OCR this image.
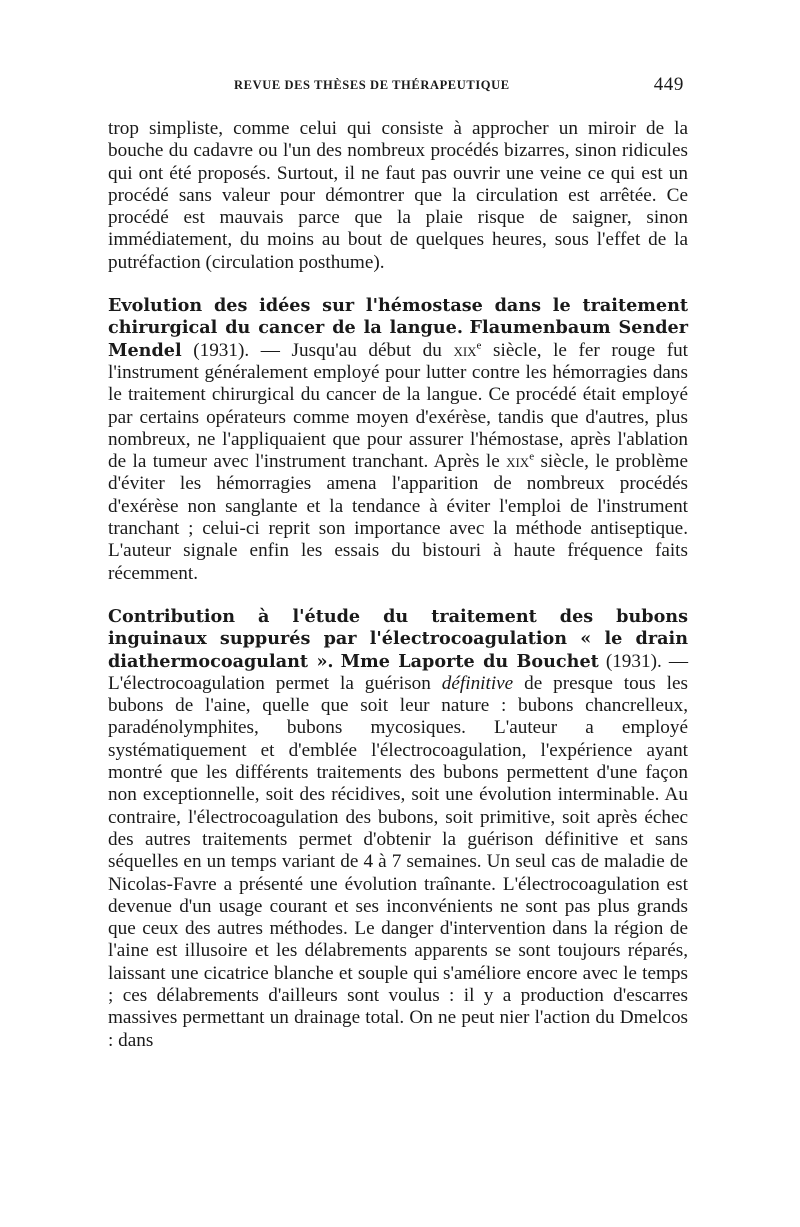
REVUE DES THÈSES DE THÉRAPEUTIQUE	449

trop simpliste, comme celui qui consiste à approcher un miroir de la bouche du cadavre ou l'un des nombreux procédés bizarres, sinon ridicules qui ont été proposés. Surtout, il ne faut pas ouvrir une veine ce qui est un procédé sans valeur pour démontrer que la circulation est arrêtée. Ce procédé est mauvais parce que la plaie risque de saigner, sinon immédiatement, du moins au bout de quelques heures, sous l'effet de la putréfaction (circulation posthume).

Evolution des idées sur l'hémostase dans le traitement chirurgical du cancer de la langue. Flaumenbaum Sender Mendel (1931). — Jusqu'au début du xix$^e$ siècle, le fer rouge fut l'instrument généralement employé pour lutter contre les hémorragies dans le traitement chirurgical du cancer de la langue. Ce procédé était employé par certains opérateurs comme moyen d'exérèse, tandis que d'autres, plus nombreux, ne l'appliquaient que pour assurer l'hémostase, après l'ablation de la tumeur avec l'instrument tranchant. Après le xix$^e$ siècle, le problème d'éviter les hémorragies amena l'apparition de nombreux procédés d'exérèse non sanglante et la tendance à éviter l'emploi de l'instrument tranchant ; celui-ci reprit son importance avec la méthode antiseptique. L'auteur signale enfin les essais du bistouri à haute fréquence faits récemment.

Contribution à l'étude du traitement des bubons inguinaux suppurés par l'électrocoagulation « le drain diathermocoagulant ». Mme Laporte du Bouchet (1931). — L'électrocoagulation permet la guérison définitive de presque tous les bubons de l'aine, quelle que soit leur nature : bubons chancrelleux, paradénolymphites, bubons mycosiques. L'auteur a employé systématiquement et d'emblée l'électrocoagulation, l'expérience ayant montré que les différents traitements des bubons permettent d'une façon non exceptionnelle, soit des récidives, soit une évolution interminable. Au contraire, l'électrocoagulation des bubons, soit primitive, soit après échec des autres traitements permet d'obtenir la guérison définitive et sans séquelles en un temps variant de 4 à 7 semaines. Un seul cas de maladie de Nicolas-Favre a présenté une évolution traînante. L'électrocoagulation est devenue d'un usage courant et ses inconvénients ne sont pas plus grands que ceux des autres méthodes. Le danger d'intervention dans la région de l'aine est illusoire et les délabrements apparents se sont toujours réparés, laissant une cicatrice blanche et souple qui s'améliore encore avec le temps ; ces délabrements d'ailleurs sont voulus : il y a production d'escarres massives permettant un drainage total. On ne peut nier l'action du Dmelcos : dans
